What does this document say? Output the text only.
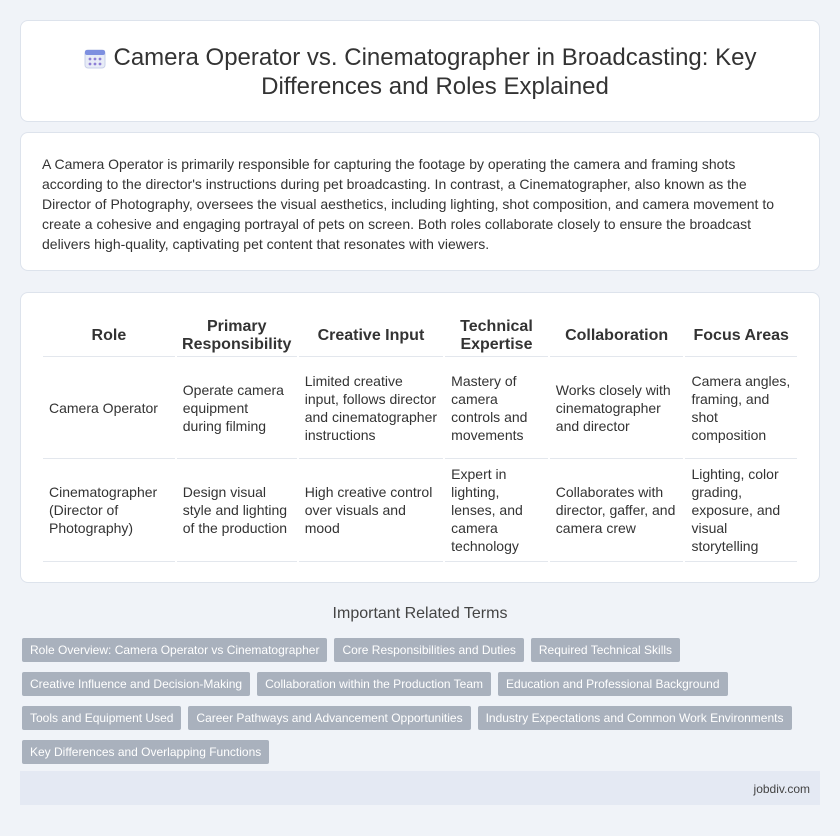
Camera Operator vs. Cinematographer in Broadcasting: Key Differences and Roles Explained

A Camera Operator is primarily responsible for capturing the footage by operating the camera and framing shots according to the director's instructions during pet broadcasting. In contrast, a Cinematographer, also known as the Director of Photography, oversees the visual aesthetics, including lighting, shot composition, and camera movement to create a cohesive and engaging portrayal of pets on screen. Both roles collaborate closely to ensure the broadcast delivers high-quality, captivating pet content that resonates with viewers.

Role	Primary Responsibility	Creative Input	Technical Expertise	Collaboration	Focus Areas
Camera Operator	Operate camera equipment during filming	Limited creative input, follows director and cinematographer instructions	Mastery of camera controls and movements	Works closely with cinematographer and director	Camera angles, framing, and shot composition
Cinematographer (Director of Photography)	Design visual style and lighting of the production	High creative control over visuals and mood	Expert in lighting, lenses, and camera technology	Collaborates with director, gaffer, and camera crew	Lighting, color grading, exposure, and visual storytelling
Important Related Terms
Role Overview: Camera Operator vs Cinematographer	Core Responsibilities and Duties	Required Technical Skills
Creative Influence and Decision-Making	Collaboration within the Production Team	Education and Professional Background
Tools and Equipment Used	Career Pathways and Advancement Opportunities	Industry Expectations and Common Work Environments
Key Differences and Overlapping Functions
jobdiv.com
